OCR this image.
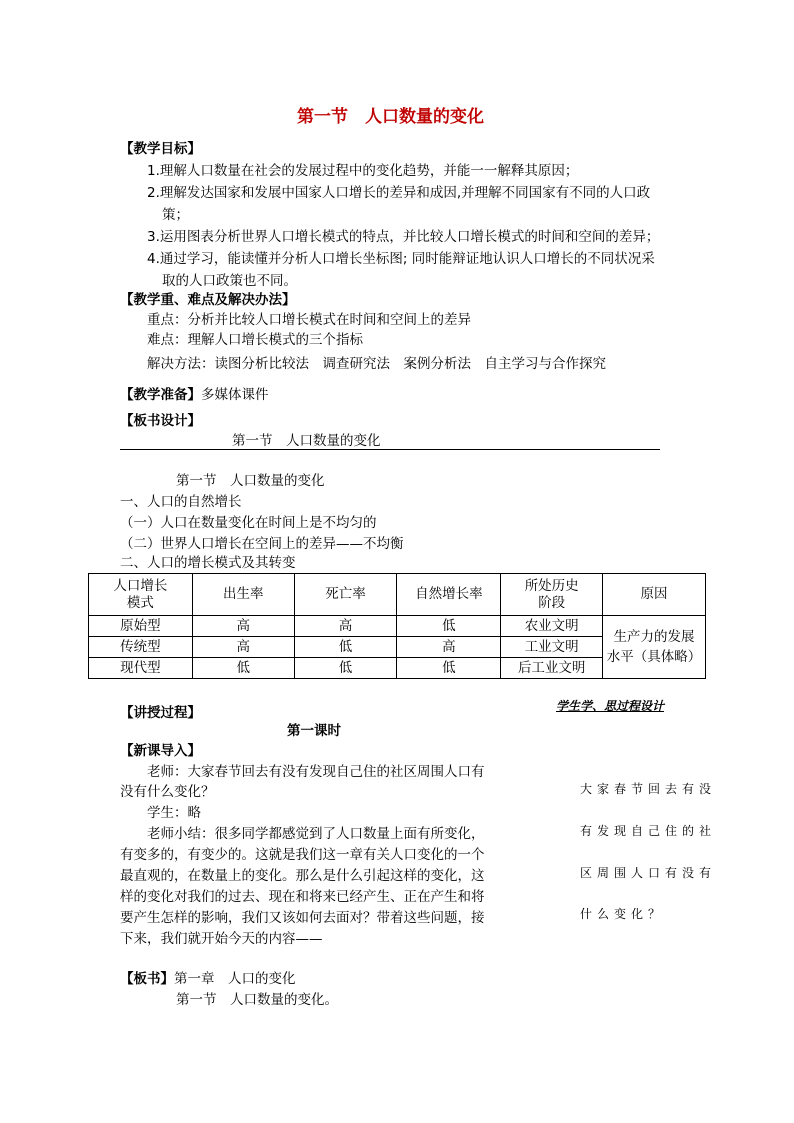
第一节　人口数量的变化
【教学目标】
1.理解人口数量在社会的发展过程中的变化趋势，并能一一解释其原因；
2.理解发达国家和发展中国家人口增长的差异和成因,并理解不同国家有不同的人口政
策；
3.运用图表分析世界人口增长模式的特点，并比较人口增长模式的时间和空间的差异；
4.通过学习，能读懂并分析人口增长坐标图; 同时能辩证地认识人口增长的不同状况采
取的人口政策也不同。
【教学重、难点及解决办法】
重点：分析并比较人口增长模式在时间和空间上的差异
难点：理解人口增长模式的三个指标
解决方法：读图分析比较法　调查研究法　案例分析法　自主学习与合作探究
【教学准备】多媒体课件
【板书设计】
第一节　人口数量的变化
第一节　人口数量的变化
一、人口的自然增长
（一）人口在数量变化在时间上是不均匀的
（二）世界人口增长在空间上的差异——不均衡
二、人口的增长模式及其转变
人口增长
模式	出生率	死亡率	自然增长率	所处历史
阶段	原因
原始型	高	高	低	农业文明	生产力的发展
水平（具体略）
传统型	高	低	高	工业文明	
现代型	低	低	低	后工业文明	
【讲授过程】	学生学、思过程设计
第一课时
【新课导入】
老师：大家春节回去有没有发现自己住的社区周围人口有
没有什么变化？
学生：略
老师小结：很多同学都感觉到了人口数量上面有所变化，
有变多的，有变少的。这就是我们这一章有关人口变化的一个
最直观的，在数量上的变化。那么是什么引起这样的变化，这
样的变化对我们的过去、现在和将来已经产生、正在产生和将
要产生怎样的影响，我们又该如何去面对？带着这些问题，接
下来，我们就开始今天的内容——
大家春节回去有没
有发现自己住的社
区周围人口有没有
什么变化？
【板书】第一章　人口的变化
第一节　人口数量的变化。
